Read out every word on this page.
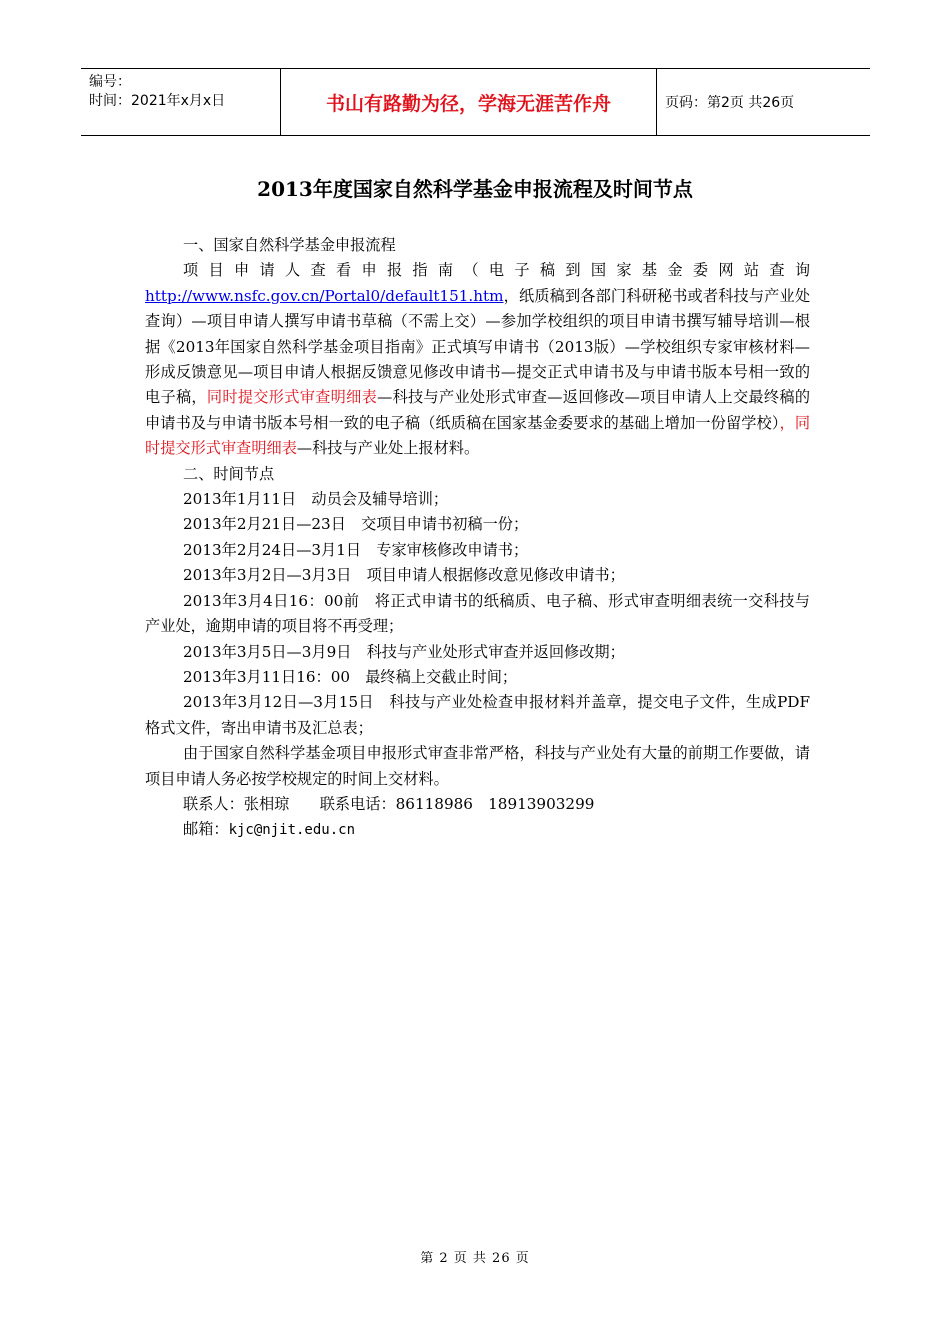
编号：
时间：2021年x月x日	书山有路勤为径，学海无涯苦作舟	页码：第2页 共26页
2013年度国家自然科学基金申报流程及时间节点

一、国家自然科学基金申报流程

项目申请人查看申报指南（电子稿到国家基金委网站查询http://www.nsfc.gov.cn/Portal0/default151.htm，纸质稿到各部门科研秘书或者科技与产业处查询）—项目申请人撰写申请书草稿（不需上交）—参加学校组织的项目申请书撰写辅导培训—根据《2013年国家自然科学基金项目指南》正式填写申请书（2013版）—学校组织专家审核材料—形成反馈意见—项目申请人根据反馈意见修改申请书—提交正式申请书及与申请书版本号相一致的电子稿，同时提交形式审查明细表—科技与产业处形式审查—返回修改—项目申请人上交最终稿的申请书及与申请书版本号相一致的电子稿（纸质稿在国家基金委要求的基础上增加一份留学校），同时提交形式审查明细表—科技与产业处上报材料。

二、时间节点

2013年1月11日　动员会及辅导培训；

2013年2月21日—23日　交项目申请书初稿一份；

2013年2月24日—3月1日　专家审核修改申请书；

2013年3月2日—3月3日　项目申请人根据修改意见修改申请书；

2013年3月4日16：00前　将正式申请书的纸稿质、电子稿、形式审查明细表统一交科技与产业处，逾期申请的项目将不再受理；

2013年3月5日—3月9日　科技与产业处形式审查并返回修改期；

2013年3月11日16：00　最终稿上交截止时间；

2013年3月12日—3月15日　科技与产业处检查申报材料并盖章，提交电子文件，生成PDF格式文件，寄出申请书及汇总表；

由于国家自然科学基金项目申报形式审查非常严格，科技与产业处有大量的前期工作要做，请项目申请人务必按学校规定的时间上交材料。

联系人：张相琼　　联系电话：86118986　18913903299

邮箱：kjc@njit.edu.cn

第 2 页 共 26 页
